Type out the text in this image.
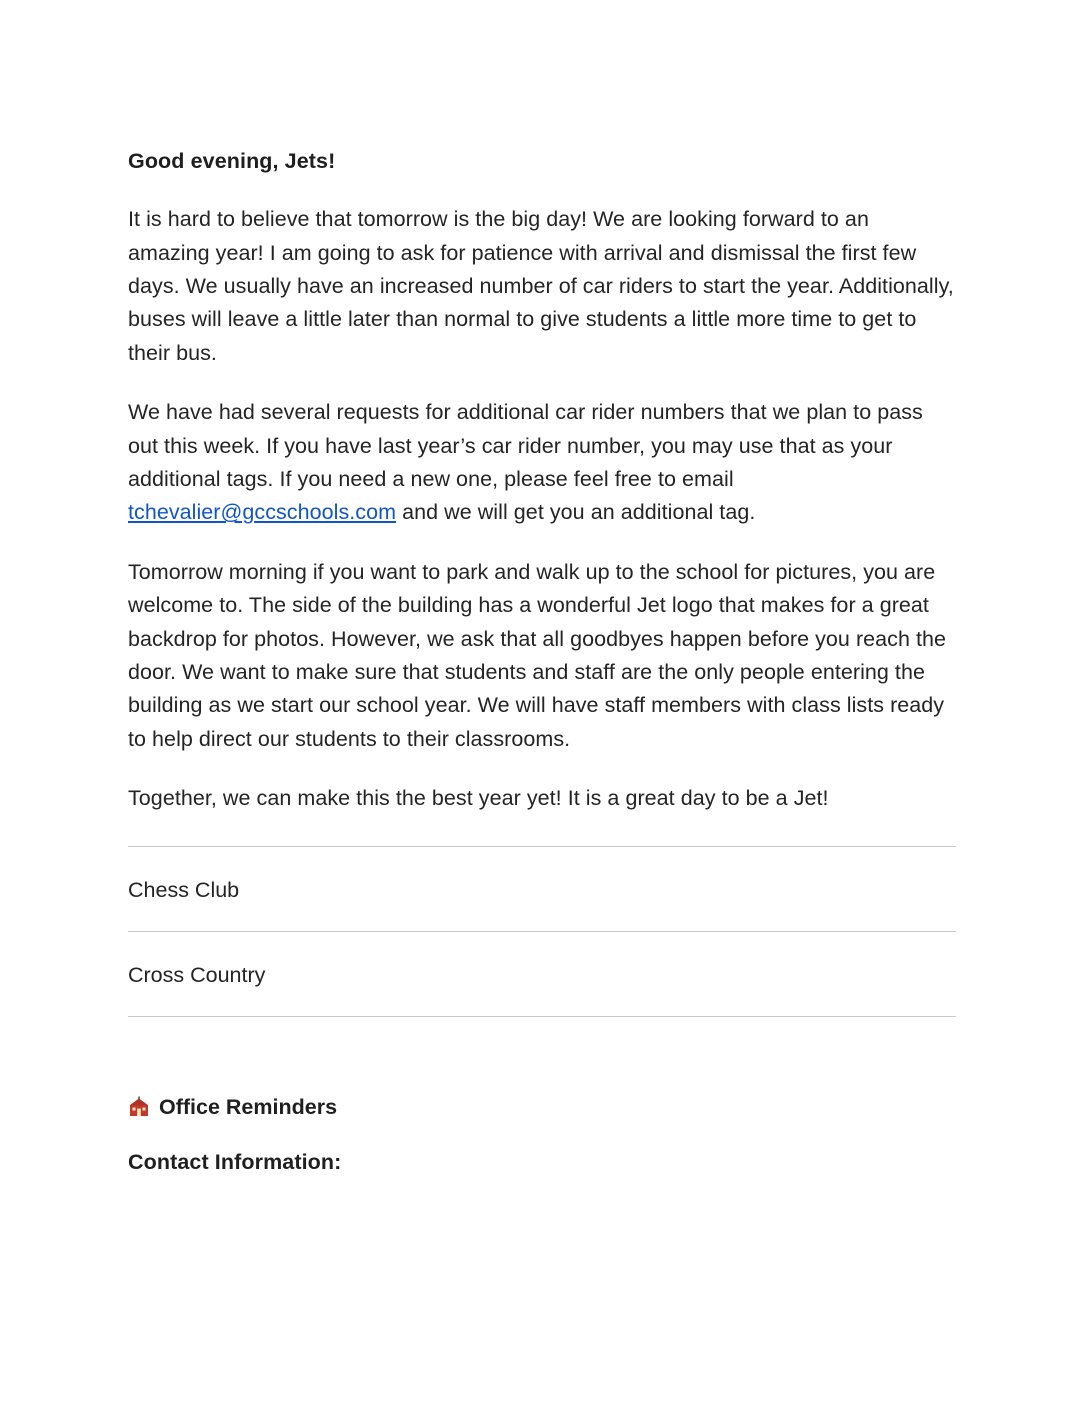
Good evening, Jets!

It is hard to believe that tomorrow is the big day! We are looking forward to an amazing year! I am going to ask for patience with arrival and dismissal the first few days. We usually have an increased number of car riders to start the year. Additionally, buses will leave a little later than normal to give students a little more time to get to their bus.

We have had several requests for additional car rider numbers that we plan to pass out this week. If you have last year’s car rider number, you may use that as your additional tags. If you need a new one, please feel free to email tchevalier@gccschools.com and we will get you an additional tag.

Tomorrow morning if you want to park and walk up to the school for pictures, you are welcome to. The side of the building has a wonderful Jet logo that makes for a great backdrop for photos. However, we ask that all goodbyes happen before you reach the door. We want to make sure that students and staff are the only people entering the building as we start our school year. We will have staff members with class lists ready to help direct our students to their classrooms.

Together, we can make this the best year yet! It is a great day to be a Jet!

Chess Club
Cross Country
Office Reminders
Contact Information:
